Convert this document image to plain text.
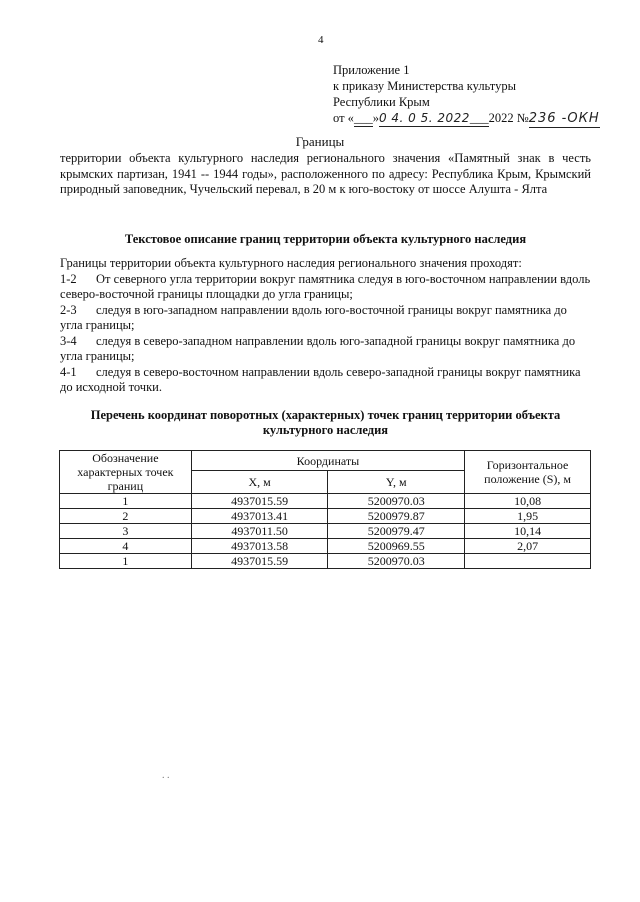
4
Приложение 1
к приказу Министерства культуры
Республики Крым
от «___»0 4. 0 5. 2022___2022 №236 -ОКН
Границы
территории объекта культурного наследия регионального значения «Памятный знак в честь крымских партизан, 1941 -- 1944 годы», расположенного по адресу: Республика Крым, Крымский природный заповедник, Чучельский перевал, в 20 м к юго-востоку от шоссе Алушта - Ялта
Текстовое описание границ территории объекта культурного наследия

Границы территории объекта культурного наследия регионального значения проходят:

1-2 От северного угла территории вокруг памятника следуя в юго-восточном направлении вдоль северо-восточной границы площадки до угла границы;

2-3 следуя в юго-западном направлении вдоль юго-восточной границы вокруг памятника до угла границы;

3-4 следуя в северо-западном направлении вдоль юго-западной границы вокруг памятника до угла границы;

4-1 следуя в северо-восточном направлении вдоль северо-западной границы вокруг памятника до исходной точки.

Перечень координат поворотных (характерных) точек границ территории объекта
культурного наследия
Обозначение характерных точек границ	Координаты		Горизонтальное положение (S), м
	X, м	Y, м	
1	4937015.59	5200970.03	10,08
2	4937013.41	5200979.87	1,95
3	4937011.50	5200979.47	10,14
4	4937013.58	5200969.55	2,07
1	4937015.59	5200970.03	
. .
